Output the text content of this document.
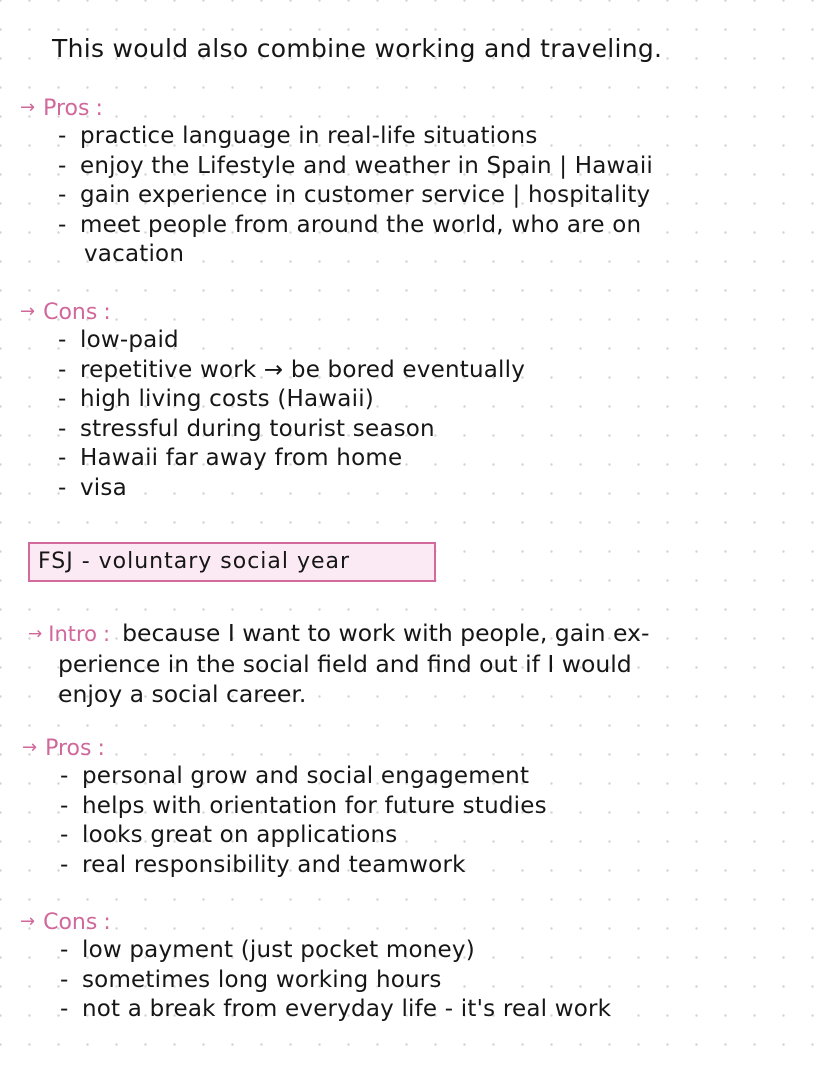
This would also combine working and traveling.
→ Pros :
- practice language in real-life situations
- enjoy the Lifestyle and weather in Spain | Hawaii
- gain experience in customer service | hospitality
- meet people from around the world, who are on
vacation
→ Cons :
- low-paid
- repetitive work → be bored eventually
- high living costs (Hawaii)
- stressful during tourist season
- Hawaii far away from home
- visa
FSJ - voluntary social year
→ Intro : because I want to work with people, gain ex-
perience in the social field and find out if I would
enjoy a social career.
→ Pros :
- personal grow and social engagement
- helps with orientation for future studies
- looks great on applications
- real responsibility and teamwork
→ Cons :
- low payment (just pocket money)
- sometimes long working hours
- not a break from everyday life - it's real work
